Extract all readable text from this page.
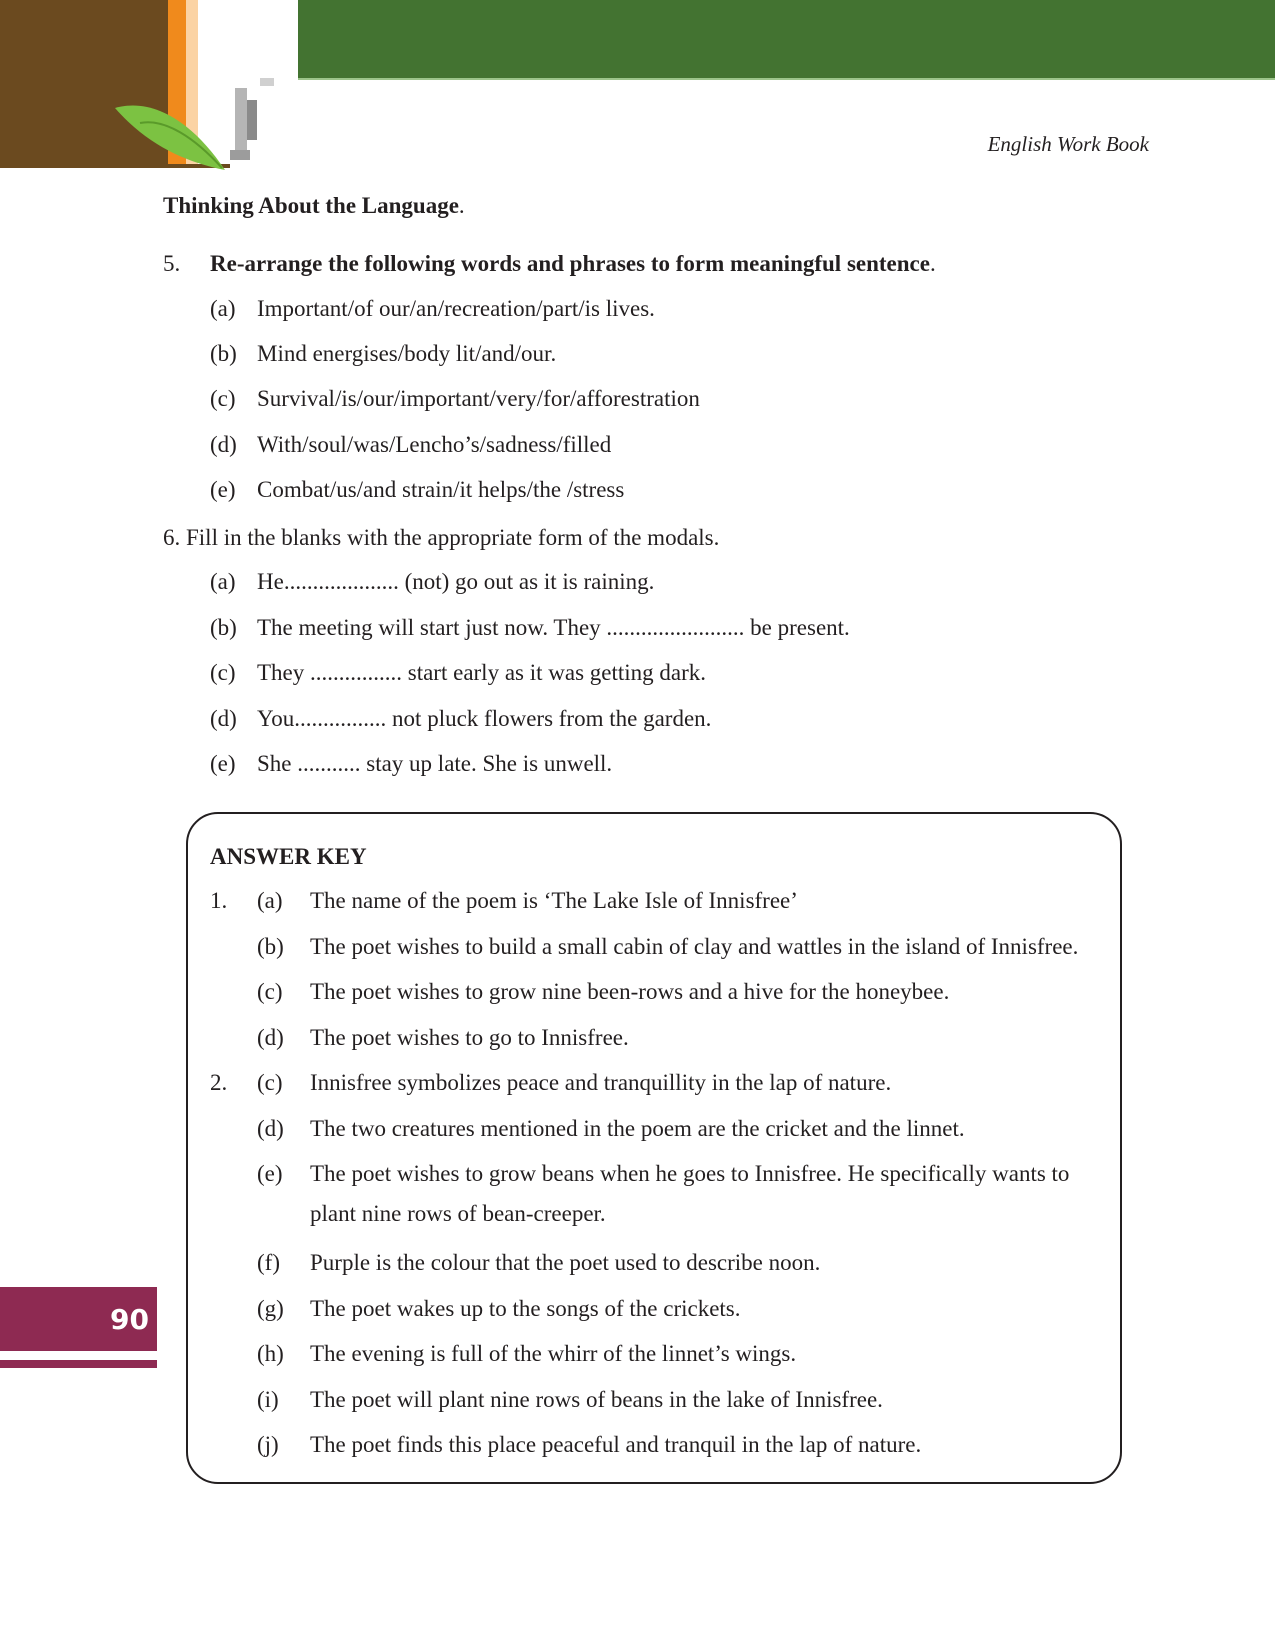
English Work Book
Thinking About the Language.
5. Re-arrange the following words and phrases to form meaningful sentence.
6. Fill in the blanks with the appropriate form of the modals.
ANSWER KEY
90
(a) Important/of our/an/recreation/part/is lives.
(b) Mind energises/body lit/and/our.
(c) Survival/is/our/important/very/for/afforestration
(d) With/soul/was/Lencho’s/sadness/filled
(e) Combat/us/and strain/it helps/the /stress
(a) He.................... (not) go out as it is raining.
(b) The meeting will start just now. They ........................ be present.
(c) They ................ start early as it was getting dark.
(d) You................ not pluck flowers from the garden.
(e) She ........... stay up late. She is unwell.
1. (a) The name of the poem is ‘The Lake Isle of Innisfree’
(b) The poet wishes to build a small cabin of clay and wattles in the island of Innisfree.
(c) The poet wishes to grow nine been-rows and a hive for the honeybee.
(d) The poet wishes to go to Innisfree.
2. (c) Innisfree symbolizes peace and tranquillity in the lap of nature.
(d) The two creatures mentioned in the poem are the cricket and the linnet.
(e) The poet wishes to grow beans when he goes to Innisfree. He specifically wants to
plant nine rows of bean-creeper.
(f) Purple is the colour that the poet used to describe noon.
(g) The poet wakes up to the songs of the crickets.
(h) The evening is full of the whirr of the linnet’s wings.
(i) The poet will plant nine rows of beans in the lake of Innisfree.
(j) The poet finds this place peaceful and tranquil in the lap of nature.
